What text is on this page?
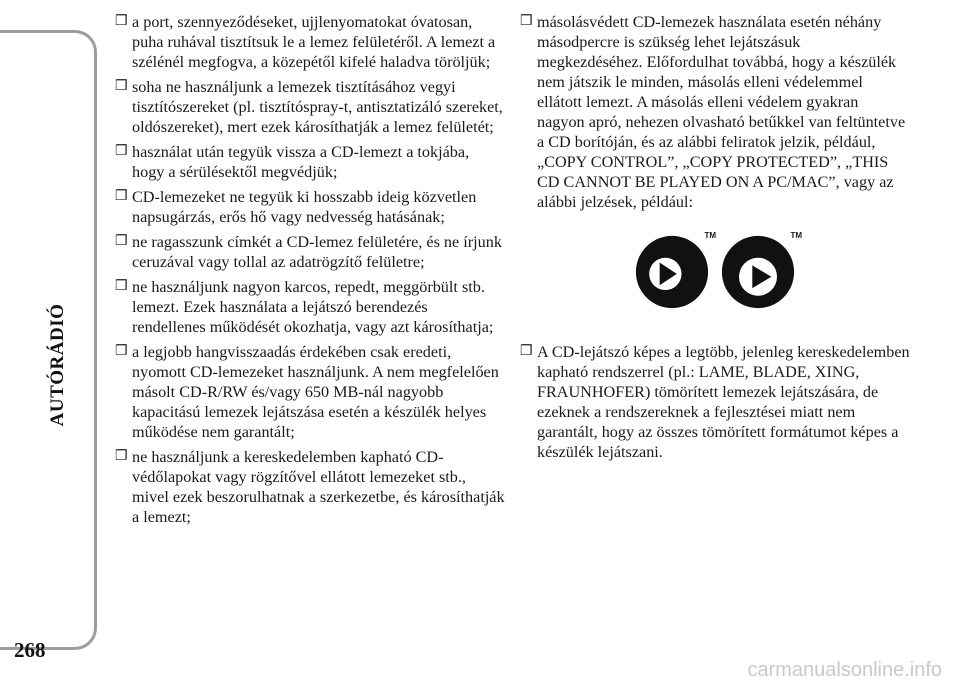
AUTÓRÁDIÓ
268
❒ a port, szennyeződéseket, ujjlenyomatokat óvatosan, puha ruhával tisztítsuk le a lemez felületéről. A lemezt a szélénél megfogva, a közepétől kifelé haladva töröljük;
❒ soha ne használjunk a lemezek tisztításához vegyi tisztítószereket (pl. tisztítóspray-t, antisztatizáló szereket, oldószereket), mert ezek károsíthatják a lemez felületét;
❒ használat után tegyük vissza a CD-lemezt a tokjába, hogy a sérülésektől megvédjük;
❒ CD-lemezeket ne tegyük ki hosszabb ideig közvetlen napsugárzás, erős hő vagy nedvesség hatásának;
❒ ne ragasszunk címkét a CD-lemez felületére, és ne írjunk ceruzával vagy tollal az adatrögzítő felületre;
❒ ne használjunk nagyon karcos, repedt, meggörbült stb. lemezt. Ezek használata a lejátszó berendezés rendellenes működését okozhatja, vagy azt károsíthatja;
❒ a legjobb hangvisszaadás érdekében csak eredeti, nyomott CD-lemezeket használjunk. A nem megfelelően másolt CD-R/RW és/vagy 650 MB-nál nagyobb kapacitású lemezek lejátszása esetén a készülék helyes működése nem garantált;
❒ ne használjunk a kereskedelemben kapható CD-védőlapokat vagy rögzítővel ellátott lemezeket stb., mivel ezek beszorulhatnak a szerkezetbe, és károsíthatják a lemezt;
❒ másolásvédett CD-lemezek használata esetén néhány másodpercre is szükség lehet lejátszásuk megkezdéséhez. Előfordulhat továbbá, hogy a készülék nem játszik le minden, másolás elleni védelemmel ellátott lemezt. A másolás elleni védelem gyakran nagyon apró, nehezen olvasható betűkkel van feltüntetve a CD borítóján, és az alábbi feliratok jelzik, például, „COPY CONTROL”, „COPY PROTECTED”, „THIS CD CANNOT BE PLAYED ON A PC/MAC”, vagy az alábbi jelzések, például:
TM	TM
❒ A CD-lejátszó képes a legtöbb, jelenleg kereskedelemben kapható rendszerrel (pl.: LAME, BLADE, XING, FRAUNHOFER) tömörített lemezek lejátszására, de ezeknek a rendszereknek a fejlesztései miatt nem garantált, hogy az összes tömörített formátumot képes a készülék lejátszani.
carmanualsonline.info
